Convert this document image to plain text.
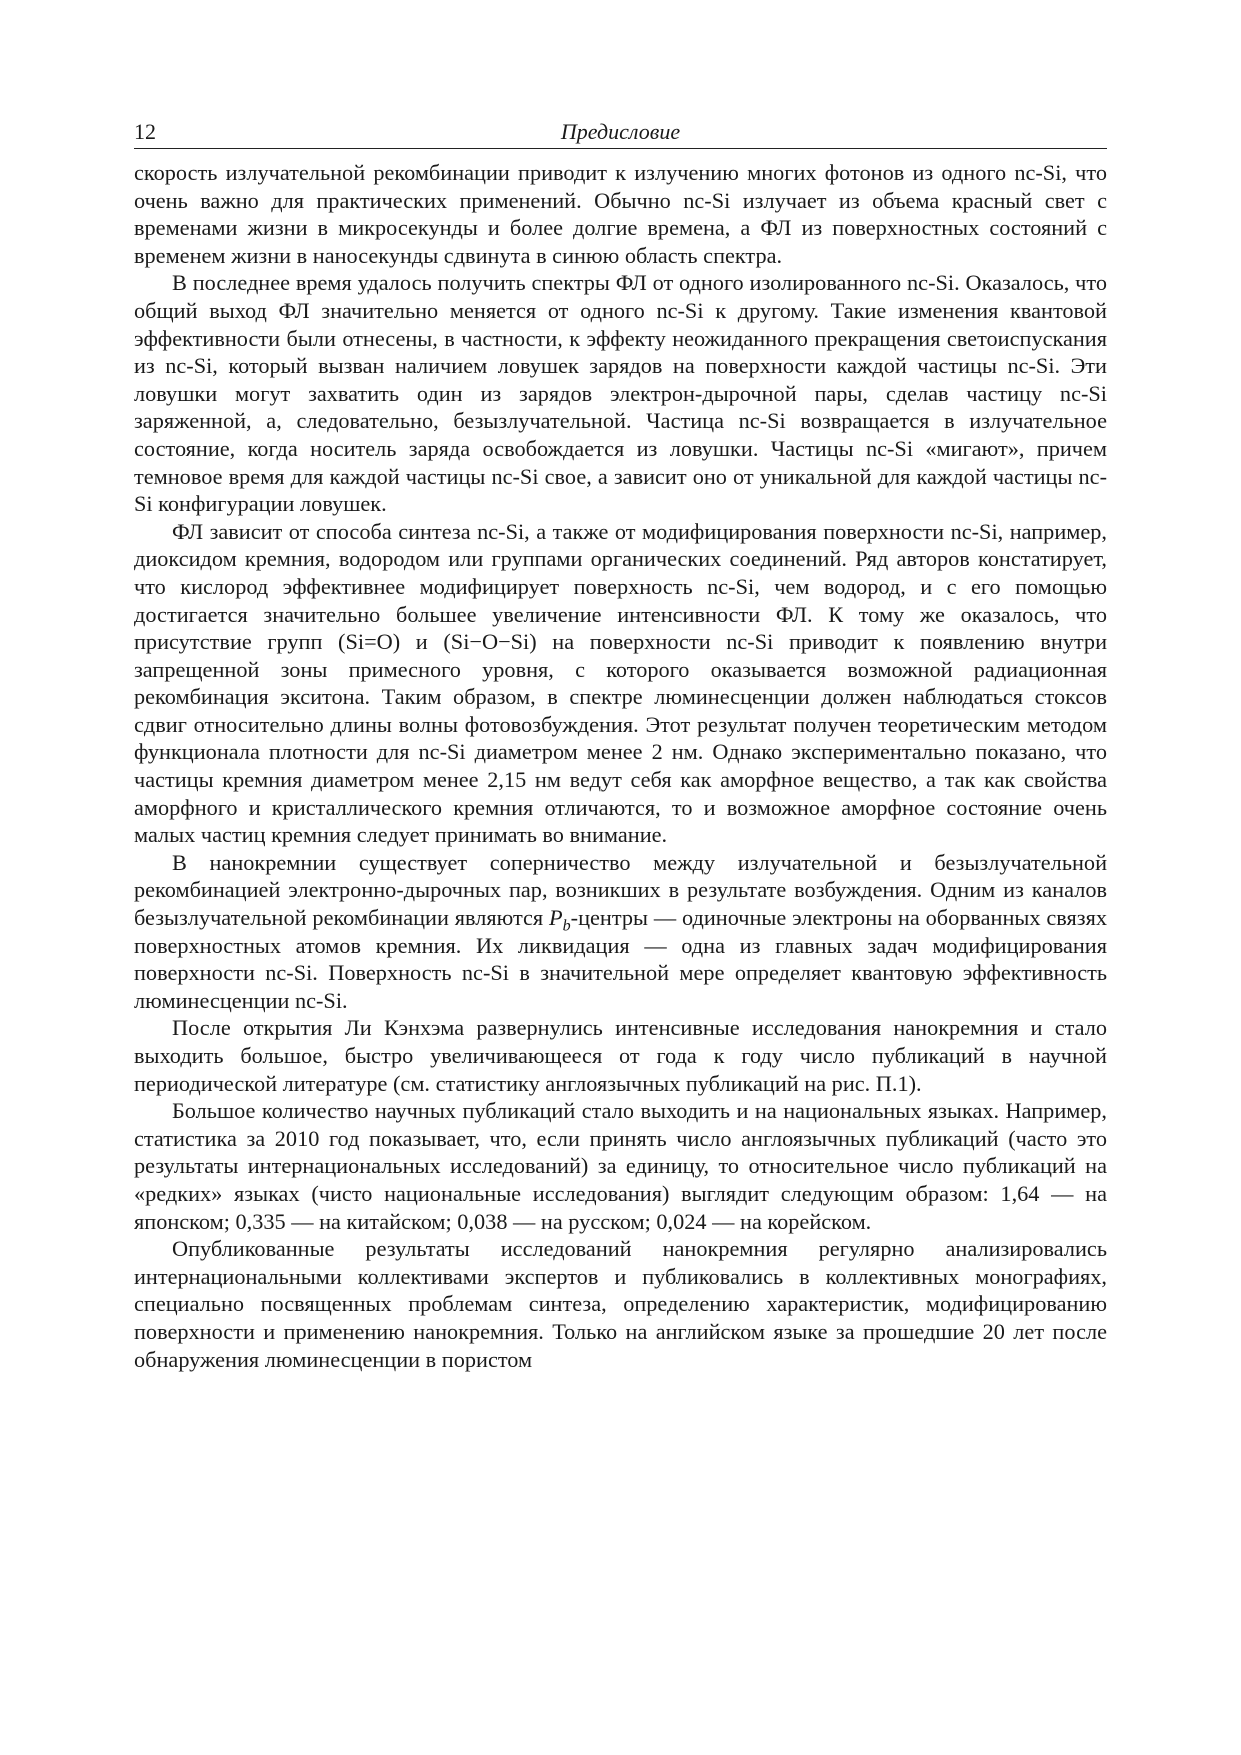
12	Предисловие

скорость излучательной рекомбинации приводит к излучению многих фотонов из одного nc-Si, что очень важно для практических применений. Обычно nc-Si излучает из объема красный свет с временами жизни в микросекунды и более долгие времена, а ФЛ из поверхностных состояний с временем жизни в наносекунды сдвинута в синюю область спектра.

В последнее время удалось получить спектры ФЛ от одного изолированного nc-Si. Оказалось, что общий выход ФЛ значительно меняется от одного nc-Si к другому. Такие изменения квантовой эффективности были отнесены, в частности, к эффекту неожиданного прекращения светоиспускания из nc-Si, который вызван наличием ловушек зарядов на поверхности каждой частицы nc-Si. Эти ловушки могут захватить один из зарядов электрон-дырочной пары, сделав частицу nc-Si заряженной, а, следовательно, безызлучательной. Частица nc-Si возвращается в излучательное состояние, когда носитель заряда освобождается из ловушки. Частицы nc-Si «мигают», причем темновое время для каждой частицы nc-Si свое, а зависит оно от уникальной для каждой частицы nc-Si конфигурации ловушек.

ФЛ зависит от способа синтеза nc-Si, а также от модифицирования поверхности nc-Si, например, диоксидом кремния, водородом или группами органических соединений. Ряд авторов констатирует, что кислород эффективнее модифицирует поверхность nc-Si, чем водород, и с его помощью достигается значительно большее увеличение интенсивности ФЛ. К тому же оказалось, что присутствие групп (Si=O) и (Si−O−Si) на поверхности nc-Si приводит к появлению внутри запрещенной зоны примесного уровня, с которого оказывается возможной радиационная рекомбинация экситона. Таким образом, в спектре люминесценции должен наблюдаться стоксов сдвиг относительно длины волны фотовозбуждения. Этот результат получен теоретическим методом функционала плотности для nc-Si диаметром менее 2 нм. Однако экспериментально показано, что частицы кремния диаметром менее 2,15 нм ведут себя как аморфное вещество, а так как свойства аморфного и кристаллического кремния отличаются, то и возможное аморфное состояние очень малых частиц кремния следует принимать во внимание.

В нанокремнии существует соперничество между излучательной и безызлучательной рекомбинацией электронно-дырочных пар, возникших в результате возбуждения. Одним из каналов безызлучательной рекомбинации являются $P_b$-центры — одиночные электроны на оборванных связях поверхностных атомов кремния. Их ликвидация — одна из главных задач модифицирования поверхности nc-Si. Поверхность nc-Si в значительной мере определяет квантовую эффективность люминесценции nc-Si.

После открытия Ли Кэнхэма развернулись интенсивные исследования нанокремния и стало выходить большое, быстро увеличивающееся от года к году число публикаций в научной периодической литературе (см. статистику англоязычных публикаций на рис. П.1).

Большое количество научных публикаций стало выходить и на национальных языках. Например, статистика за 2010 год показывает, что, если принять число англоязычных публикаций (часто это результаты интернациональных исследований) за единицу, то относительное число публикаций на «редких» языках (чисто национальные исследования) выглядит следующим образом: 1,64 — на японском; 0,335 — на китайском; 0,038 — на русском; 0,024 — на корейском.

Опубликованные результаты исследований нанокремния регулярно анализировались интернациональными коллективами экспертов и публиковались в коллективных монографиях, специально посвященных проблемам синтеза, определению характеристик, модифицированию поверхности и применению нанокремния. Только на английском языке за прошедшие 20 лет после обнаружения люминесценции в пористом
